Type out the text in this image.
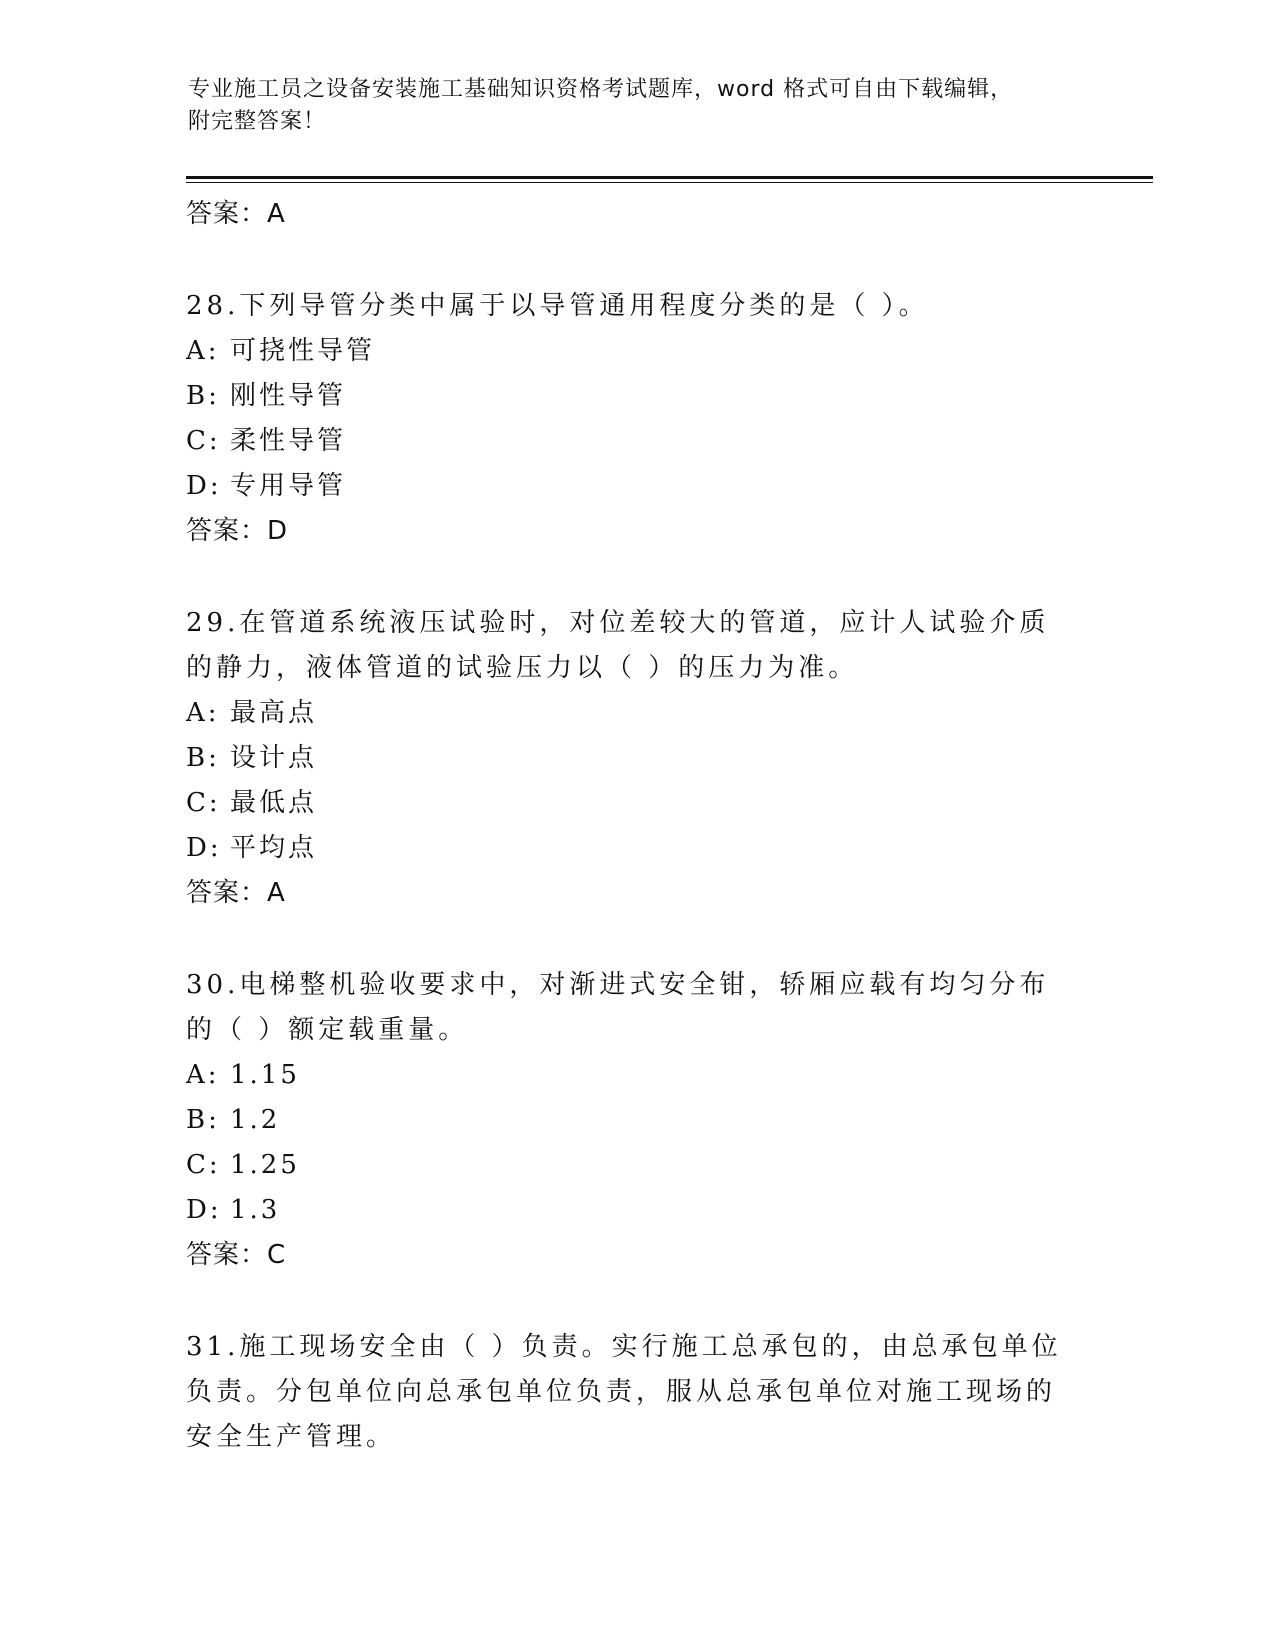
专业施工员之设备安装施工基础知识资格考试题库，word 格式可自由下载编辑，
附完整答案！

答案：A

28.下列导管分类中属于以导管通用程度分类的是（ ）。

A: 可挠性导管

B: 刚性导管

C: 柔性导管

D: 专用导管

答案：D

29.在管道系统液压试验时，对位差较大的管道，应计人试验介质的静力，液体管道的试验压力以（ ）的压力为准。

A: 最高点

B: 设计点

C: 最低点

D: 平均点

答案：A

30.电梯整机验收要求中，对渐进式安全钳，轿厢应载有均匀分布的（ ）额定载重量。

A: 1.15

B: 1.2

C: 1.25

D: 1.3

答案：C

31.施工现场安全由（ ）负责。实行施工总承包的，由总承包单位负责。分包单位向总承包单位负责，服从总承包单位对施工现场的安全生产管理。
